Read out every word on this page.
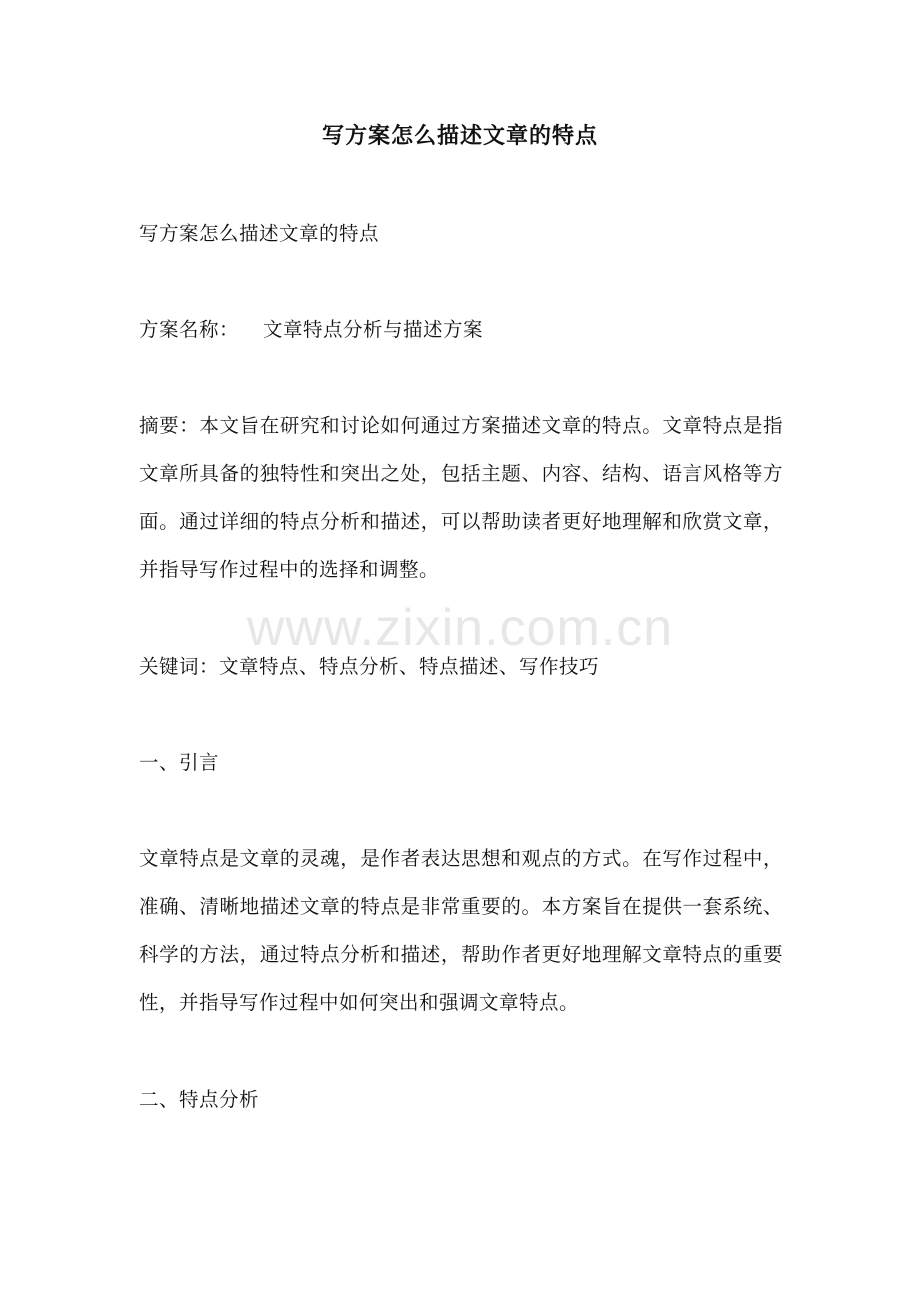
写方案怎么描述文章的特点
写方案怎么描述文章的特点
方案名称： 文章特点分析与描述方案
摘要：本文旨在研究和讨论如何通过方案描述文章的特点。文章特点是指文章所具备的独特性和突出之处，包括主题、内容、结构、语言风格等方面。通过详细的特点分析和描述，可以帮助读者更好地理解和欣赏文章，并指导写作过程中的选择和调整。
关键词：文章特点、特点分析、特点描述、写作技巧
一、引言
文章特点是文章的灵魂，是作者表达思想和观点的方式。在写作过程中，准确、清晰地描述文章的特点是非常重要的。本方案旨在提供一套系统、科学的方法，通过特点分析和描述，帮助作者更好地理解文章特点的重要性，并指导写作过程中如何突出和强调文章特点。
二、特点分析
www.zixin.com.cn
